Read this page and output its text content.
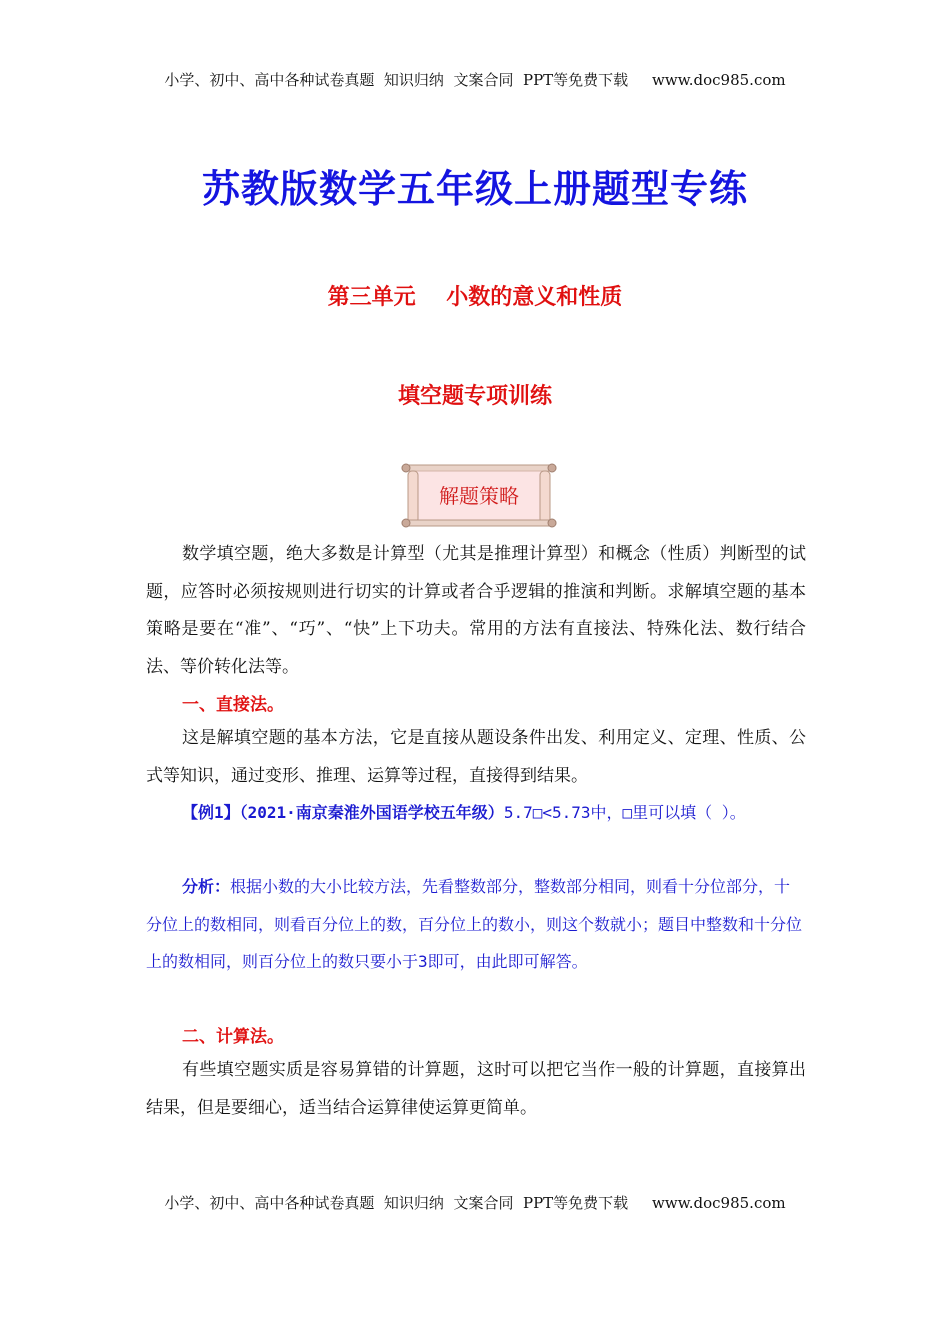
小学、初中、高中各种试卷真题  知识归纳  文案合同  PPT等免费下载     www.doc985.com
苏教版数学五年级上册题型专练
第三单元    小数的意义和性质
填空题专项训练
解题策略

数学填空题，绝大多数是计算型（尤其是推理计算型）和概念（性质）判断型的试题，应答时必须按规则进行切实的计算或者合乎逻辑的推演和判断。求解填空题的基本策略是要在“准”、“巧”、“快”上下功夫。常用的方法有直接法、特殊化法、数行结合法、等价转化法等。

一、直接法。

这是解填空题的基本方法，它是直接从题设条件出发、利用定义、定理、性质、公式等知识，通过变形、推理、运算等过程，直接得到结果。

【例1】（2021·南京秦淮外国语学校五年级）5.7□<5.73中，□里可以填（ ）。

分析：根据小数的大小比较方法，先看整数部分，整数部分相同，则看十分位部分，十分位上的数相同，则看百分位上的数，百分位上的数小，则这个数就小；题目中整数和十分位上的数相同，则百分位上的数只要小于3即可，由此即可解答。

二、计算法。

有些填空题实质是容易算错的计算题，这时可以把它当作一般的计算题，直接算出结果，但是要细心，适当结合运算律使运算更简单。

小学、初中、高中各种试卷真题  知识归纳  文案合同  PPT等免费下载     www.doc985.com
